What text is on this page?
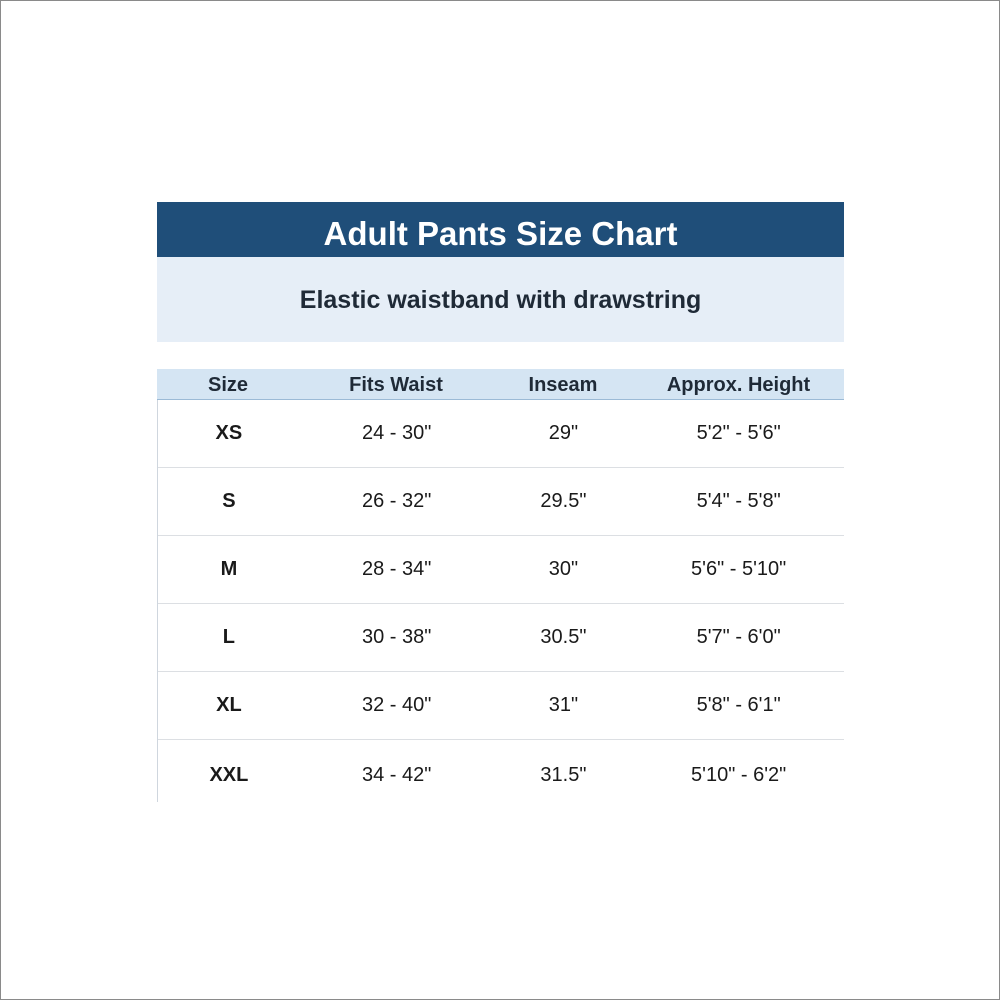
Adult Pants Size Chart
Elastic waistband with drawstring
Size	Fits Waist	Inseam	Approx. Height
XS	24 - 30"	29"	5'2" - 5'6"
S	26 - 32"	29.5"	5'4" - 5'8"
M	28 - 34"	30"	5'6" - 5'10"
L	30 - 38"	30.5"	5'7" - 6'0"
XL	32 - 40"	31"	5'8" - 6'1"
XXL	34 - 42"	31.5"	5'10" - 6'2"
